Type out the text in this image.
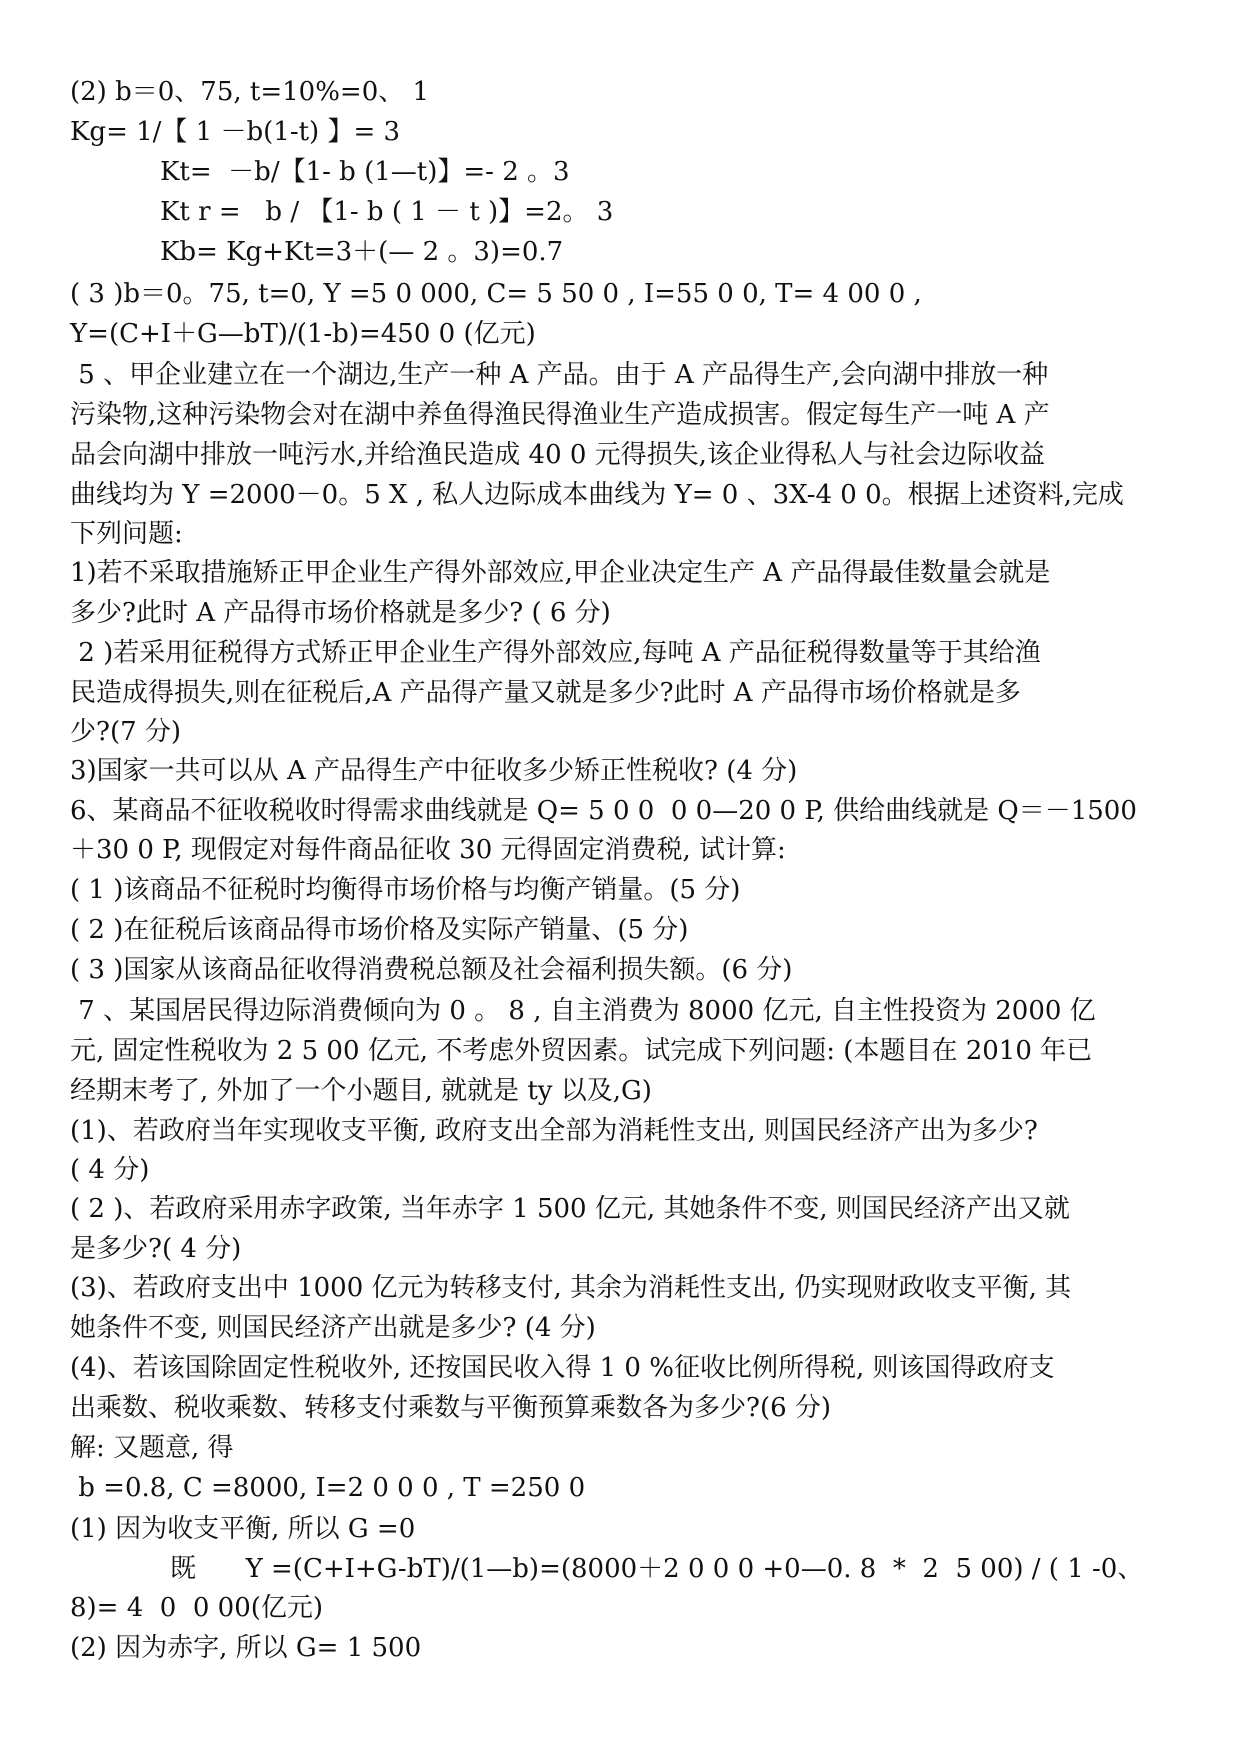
(2) b＝0、75, t=10%=0、 1
Kg= 1/【 1 －b(1-t) 】= 3
Kt=  －b/【1- b (1—t)】=- 2 。3
Kt r =   b / 【1- b ( 1 － t )】=2。 3
Kb= Kg+Kt=3＋(— 2 。3)=0.7
( 3 )b＝0。75, t=0, Y =5 0 000, C= 5 50 0 , I=55 0 0, T= 4 00 0 ,
Y=(C+I＋G—bT)/(1-b)=450 0 (亿元)
5 、甲企业建立在一个湖边,生产一种 A 产品。由于 A 产品得生产,会向湖中排放一种
污染物,这种污染物会对在湖中养鱼得渔民得渔业生产造成损害。假定每生产一吨 A 产
品会向湖中排放一吨污水,并给渔民造成 40 0 元得损失,该企业得私人与社会边际收益
曲线均为 Y =2000－0。5 X , 私人边际成本曲线为 Y= 0 、3X-4 0 0。根据上述资料,完成
下列问题:
1)若不采取措施矫正甲企业生产得外部效应,甲企业决定生产 A 产品得最佳数量会就是
多少?此时 A 产品得市场价格就是多少? ( 6 分)
2 )若采用征税得方式矫正甲企业生产得外部效应,每吨 A 产品征税得数量等于其给渔
民造成得损失,则在征税后,A 产品得产量又就是多少?此时 A 产品得市场价格就是多
少?(7 分)
3)国家一共可以从 A 产品得生产中征收多少矫正性税收? (4 分)
6、某商品不征收税收时得需求曲线就是 Q= 5 0 0  0 0—20 0 P, 供给曲线就是 Q＝－1500
＋30 0 P, 现假定对每件商品征收 30 元得固定消费税, 试计算:
( 1 )该商品不征税时均衡得市场价格与均衡产销量。(5 分)
( 2 )在征税后该商品得市场价格及实际产销量、(5 分)
( 3 )国家从该商品征收得消费税总额及社会福利损失额。(6 分)
7 、某国居民得边际消费倾向为 0 。 8 , 自主消费为 8000 亿元, 自主性投资为 2000 亿
元, 固定性税收为 2 5 00 亿元, 不考虑外贸因素。试完成下列问题: (本题目在 2010 年已
经期末考了, 外加了一个小题目, 就就是 ty 以及,G)
(1)、若政府当年实现收支平衡, 政府支出全部为消耗性支出, 则国民经济产出为多少?
( 4 分)
( 2 )、若政府采用赤字政策, 当年赤字 1 500 亿元, 其她条件不变, 则国民经济产出又就
是多少?( 4 分)
(3)、若政府支出中 1000 亿元为转移支付, 其余为消耗性支出, 仍实现财政收支平衡, 其
她条件不变, 则国民经济产出就是多少? (4 分)
(4)、若该国除固定性税收外, 还按国民收入得 1 0 %征收比例所得税, 则该国得政府支
出乘数、税收乘数、转移支付乘数与平衡预算乘数各为多少?(6 分)
解: 又题意, 得
b =0.8, C =8000, I=2 0 0 0 , T =250 0
(1) 因为收支平衡, 所以 G =0
既      Y =(C+I+G-bT)/(1—b)=(8000＋2 0 0 0 +0—0. 8  *  2  5 00) / ( 1 -0、
8)= 4  0  0 00(亿元)
(2) 因为赤字, 所以 G= 1 500
